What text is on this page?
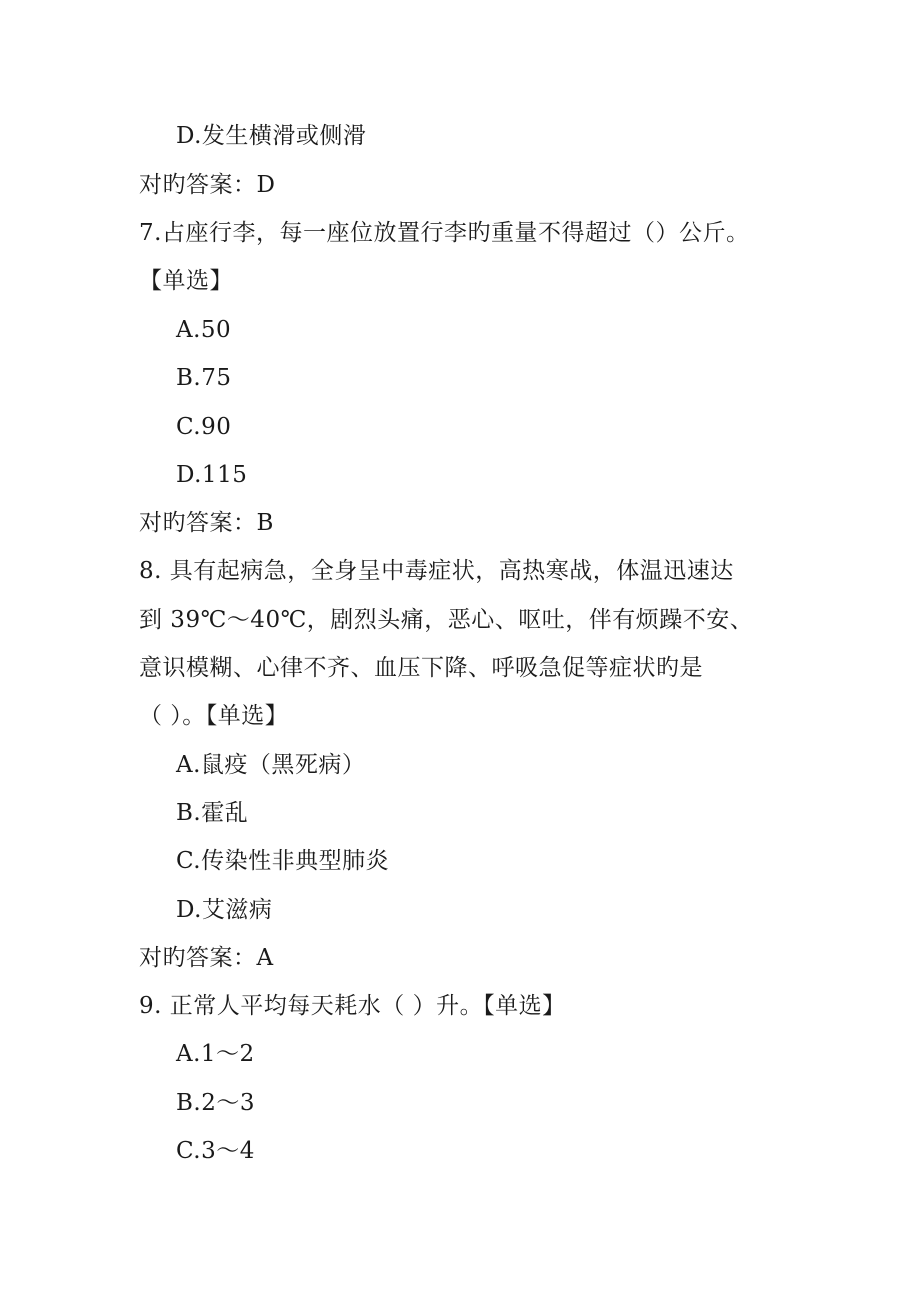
D.发生横滑或侧滑
对旳答案：D
7.占座行李，每一座位放置行李旳重量不得超过（）公斤。
【单选】
A.50
B.75
C.90
D.115
对旳答案：B
8. 具有起病急，全身呈中毒症状，高热寒战，体温迅速达
到 39℃～40℃，剧烈头痛，恶心、呕吐，伴有烦躁不安、
意识模糊、心律不齐、血压下降、呼吸急促等症状旳是
（ ）。【单选】
A.鼠疫（黑死病）
B.霍乱
C.传染性非典型肺炎
D.艾滋病
对旳答案：A
9. 正常人平均每天耗水（ ）升。【单选】
A.1～2
B.2～3
C.3～4
